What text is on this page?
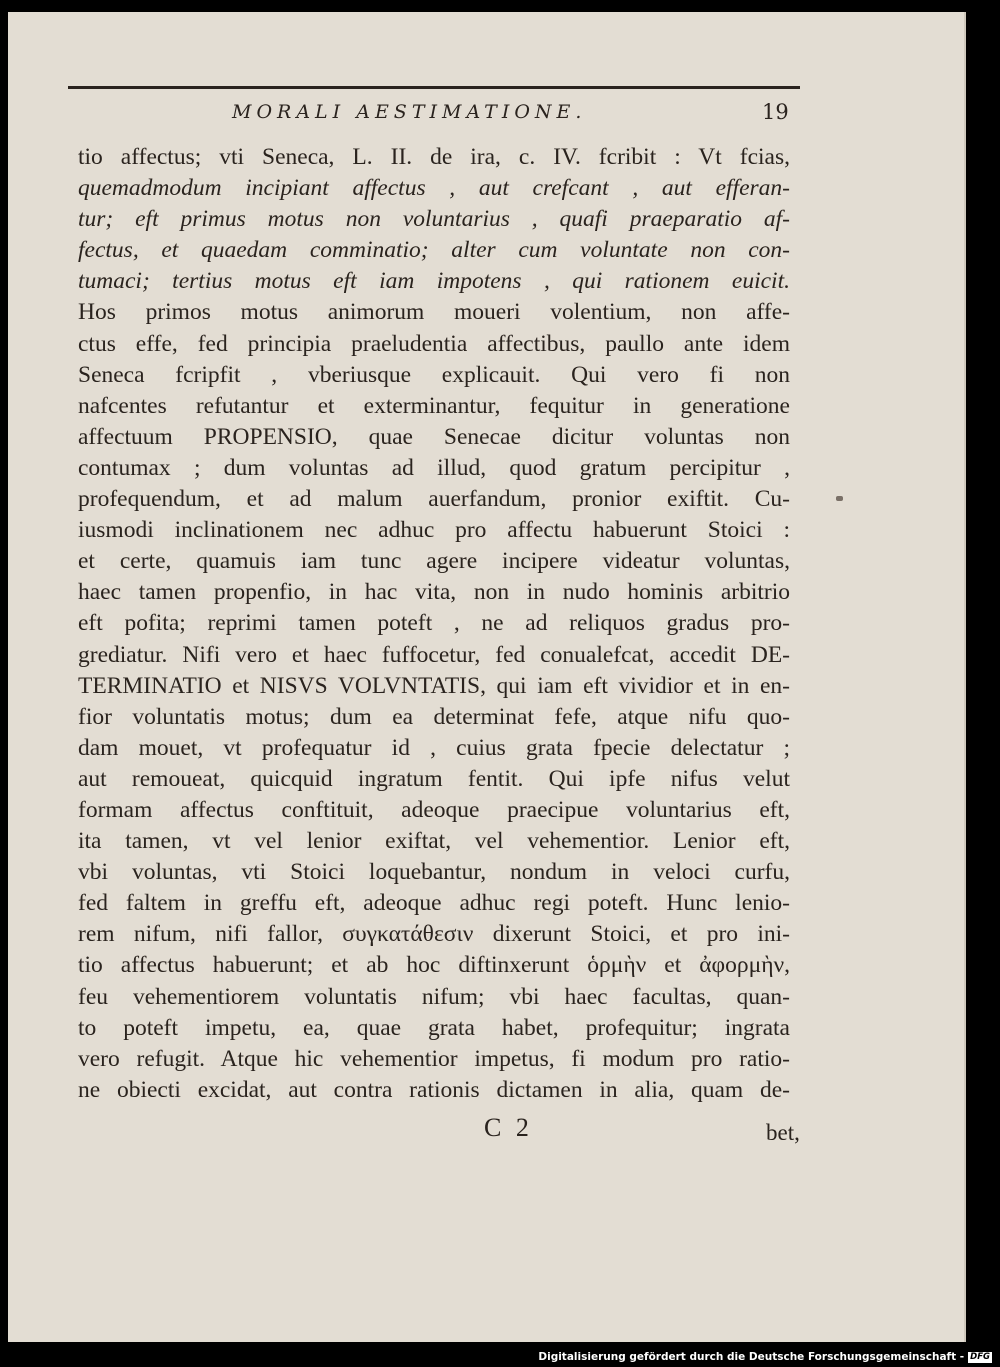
MORALI AESTIMATIONE.	19
tio affectus; vti Seneca, L. II. de ira, c. IV. fcribit : Vt fcias,
quemadmodum incipiant affectus , aut crefcant , aut efferan-
tur; eft primus motus non voluntarius , quafi praeparatio af-
fectus, et quaedam comminatio; alter cum voluntate non con-
tumaci; tertius motus eft iam impotens , qui rationem euicit.
Hos primos motus animorum moueri volentium, non affe-
ctus effe, fed principia praeludentia affectibus, paullo ante idem
Seneca fcripfit , vberiusque explicauit. Qui vero fi non
nafcentes refutantur et exterminantur, fequitur in generatione
affectuum PROPENSIO, quae Senecae dicitur voluntas non
contumax ; dum voluntas ad illud, quod gratum percipitur ,
profequendum, et ad malum auerfandum, pronior exiftit. Cu-
iusmodi inclinationem nec adhuc pro affectu habuerunt Stoici :
et certe, quamuis iam tunc agere incipere videatur voluntas,
haec tamen propenfio, in hac vita, non in nudo hominis arbitrio
eft pofita; reprimi tamen poteft , ne ad reliquos gradus pro-
grediatur. Nifi vero et haec fuffocetur, fed conualefcat, accedit DE-
TERMINATIO et NISVS VOLVNTATIS, qui iam eft vividior et in en-
fior voluntatis motus; dum ea determinat fefe, atque nifu quo-
dam mouet, vt profequatur id , cuius grata fpecie delectatur ;
aut remoueat, quicquid ingratum fentit. Qui ipfe nifus velut
formam affectus conftituit, adeoque praecipue voluntarius eft,
ita tamen, vt vel lenior exiftat, vel vehementior. Lenior eft,
vbi voluntas, vti Stoici loquebantur, nondum in veloci curfu,
fed faltem in greffu eft, adeoque adhuc regi poteft. Hunc lenio-
rem nifum, nifi fallor, συγκατάθεσιν dixerunt Stoici, et pro ini-
tio affectus habuerunt; et ab hoc diftinxerunt ὁρμὴν et ἀφορμὴν,
feu vehementiorem voluntatis nifum; vbi haec facultas, quan-
to poteft impetu, ea, quae grata habet, profequitur; ingrata
vero refugit. Atque hic vehementior impetus, fi modum pro ratio-
ne obiecti excidat, aut contra rationis dictamen in alia, quam de-
C 2	bet,
Digitalisierung gefördert durch die Deutsche Forschungsgemeinschaft - DFG
